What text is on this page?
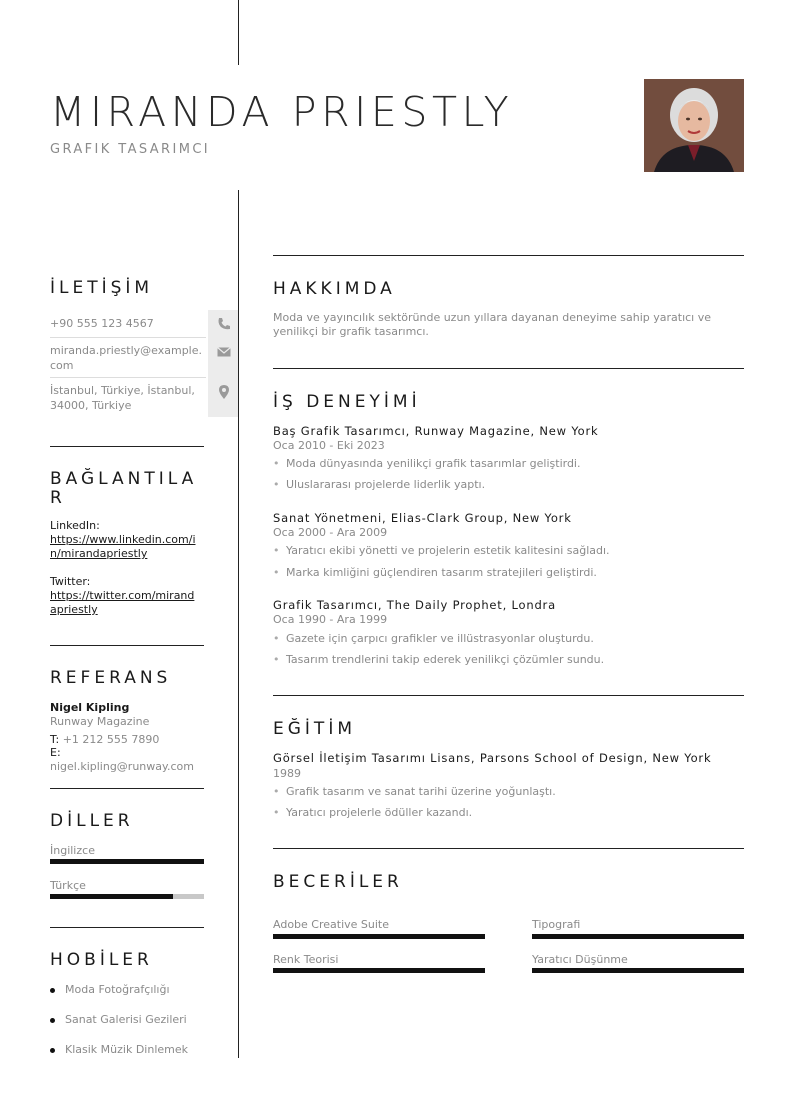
MIRANDA PRIESTLY
GRAFIK TASARIMCI
İLETİŞİM
+90 555 123 4567
miranda.priestly@example.com
İstanbul, Türkiye, İstanbul, 34000, Türkiye
BAĞLANTILAR
LinkedIn:
https://www.linkedin.com/in/mirandapriestly
Twitter:
https://twitter.com/mirandapriestly
REFERANS
Nigel Kipling
Runway Magazine
T: +1 212 555 7890
E: nigel.kipling@runway.com
DİLLER
İngilizce
Türkçe
HOBİLER
Moda Fotoğrafçılığı
Sanat Galerisi Gezileri
Klasik Müzik Dinlemek
HAKKIMDA
Moda ve yayıncılık sektöründe uzun yıllara dayanan deneyime sahip yaratıcı ve yenilikçi bir grafik tasarımcı.
İŞ DENEYİMİ
Baş Grafik Tasarımcı, Runway Magazine, New York
Oca 2010 - Eki 2023
• Moda dünyasında yenilikçi grafik tasarımlar geliştirdi.
• Uluslararası projelerde liderlik yaptı.
Sanat Yönetmeni, Elias-Clark Group, New York
Oca 2000 - Ara 2009
• Yaratıcı ekibi yönetti ve projelerin estetik kalitesini sağladı.
• Marka kimliğini güçlendiren tasarım stratejileri geliştirdi.
Grafik Tasarımcı, The Daily Prophet, Londra
Oca 1990 - Ara 1999
• Gazete için çarpıcı grafikler ve illüstrasyonlar oluşturdu.
• Tasarım trendlerini takip ederek yenilikçi çözümler sundu.
EĞİTİM
Görsel İletişim Tasarımı Lisans, Parsons School of Design, New York
1989
• Grafik tasarım ve sanat tarihi üzerine yoğunlaştı.
• Yaratıcı projelerle ödüller kazandı.
BECERİLER
Adobe Creative Suite	Tipografi
Renk Teorisi	Yaratıcı Düşünme
